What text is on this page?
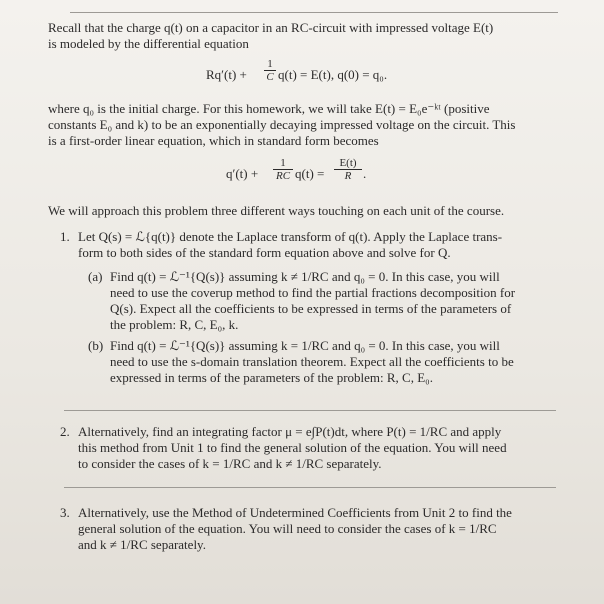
Recall that the charge q(t) on a capacitor in an RC-circuit with impressed voltage E(t)
is modeled by the differential equation
Rq′(t) +
1
C q(t) = E(t), q(0) = q₀.
where q₀ is the initial charge. For this homework, we will take E(t) = E₀e⁻ᵏᵗ (positive
constants E₀ and k) to be an exponentially decaying impressed voltage on the circuit. This
is a first-order linear equation, which in standard form becomes
q′(t) +
1
RC q(t) =
E(t)
R .
We will approach this problem three different ways touching on each unit of the course.
1. Let Q(s) = ℒ{q(t)} denote the Laplace transform of q(t). Apply the Laplace trans-
form to both sides of the standard form equation above and solve for Q.
(a) Find q(t) = ℒ⁻¹{Q(s)} assuming k ≠ 1/RC and q₀ = 0. In this case, you will
need to use the coverup method to find the partial fractions decomposition for
Q(s). Expect all the coefficients to be expressed in terms of the parameters of
the problem: R, C, E₀, k.
(b) Find q(t) = ℒ⁻¹{Q(s)} assuming k = 1/RC and q₀ = 0. In this case, you will
need to use the s-domain translation theorem. Expect all the coefficients to be
expressed in terms of the parameters of the problem: R, C, E₀.
2. Alternatively, find an integrating factor μ = e∫P(t)dt, where P(t) = 1/RC and apply
this method from Unit 1 to find the general solution of the equation. You will need
to consider the cases of k = 1/RC and k ≠ 1/RC separately.
3. Alternatively, use the Method of Undetermined Coefficients from Unit 2 to find the
general solution of the equation. You will need to consider the cases of k = 1/RC
and k ≠ 1/RC separately.
